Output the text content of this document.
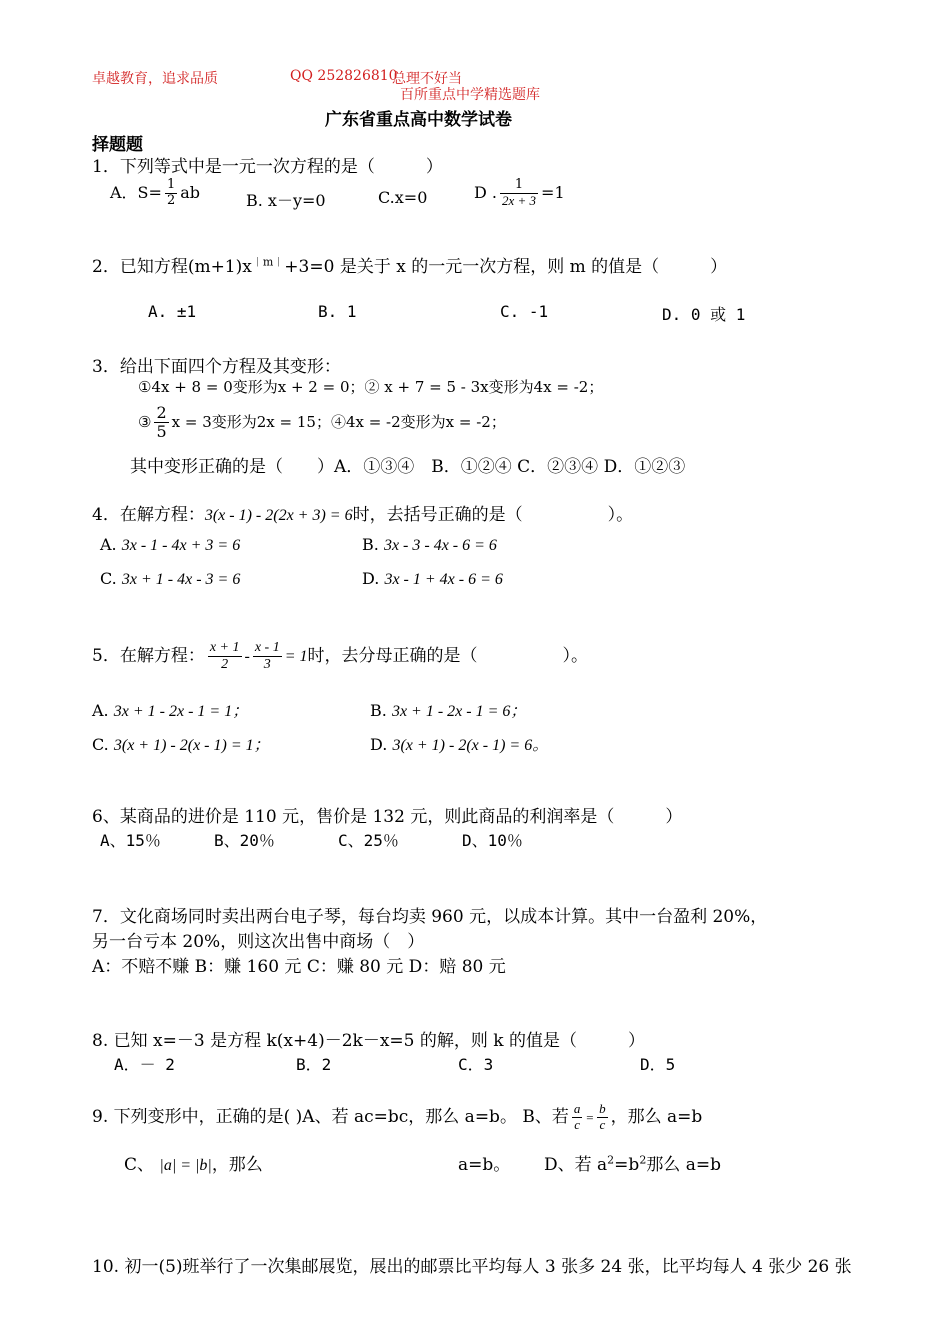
卓越教育，追求品质	QQ 252826810
总理不好当
百所重点中学精选题库
广东省重点高中数学试卷
择题题
1．下列等式中是一元一次方程的是（　　　）
A．$S= \frac{1}{2}$ ab	B. x－y=0	C.x=0	D . $\frac{1}{2x + 3} =1$
2．已知方程$(m+1)x^{︱m︱}+3=0$ 是关于 x 的一元一次方程，则 m 的值是（　　　）
A. ±1	B. 1	C. -1	D. 0 或 1
3．给出下面四个方程及其变形：
①4x + 8 = 0变形为x + 2 = 0；② x + 7 = 5 - 3x变形为4x = -2；
③ $\frac{2}{5}$ x = 3变形为2x = 15；④4x = -2变形为x = -2；
其中变形正确的是（　　）A．①③④　B．①②④ C．②③④ D．①②③
4．在解方程：3(x - 1) - 2(2x + 3) = 6时，去括号正确的是（　　　　　）。
A. 3x - 1 - 4x + 3 = 6	B. 3x - 3 - 4x - 6 = 6
C. 3x + 1 - 4x - 3 = 6	D. 3x - 1 + 4x - 6 = 6
5．在解方程： $\frac{x + 1}{2} - \frac{x - 1}{3} = 1$时，去分母正确的是（　　　　　）。
A. 3x + 1 - 2x - 1 = 1；	B. 3x + 1 - 2x - 1 = 6；
C. 3(x + 1) - 2(x - 1) = 1；	D. 3(x + 1) - 2(x - 1) = 6。
6、某商品的进价是 110 元，售价是 132 元，则此商品的利润率是（　　　）
A、15％	B、20％	C、25％	D、10％
7．文化商场同时卖出两台电子琴，每台均卖 960 元，以成本计算。其中一台盈利 20%，
另一台亏本 20%，则这次出售中商场（　）
A：不赔不赚 B：赚 160 元 C：赚 80 元 D：赔 80 元
8. 已知 x=－3 是方程 k(x+4)－2k－x=5 的解，则 k 的值是（　　　）
A．－ 2	B．2	C．3	D．5
9. 下列变形中，正确的是( )A、若 ac=bc，那么 a=b。 B、若 $\frac{a}{c} = \frac{b}{c}$ ，那么 a=b
C、 |a| = |b|，那么	a=b。 D、若 $a^2=b^2$那么 a=b
10. 初一(5)班举行了一次集邮展览，展出的邮票比平均每人 3 张多 24 张，比平均每人 4 张少 26 张
